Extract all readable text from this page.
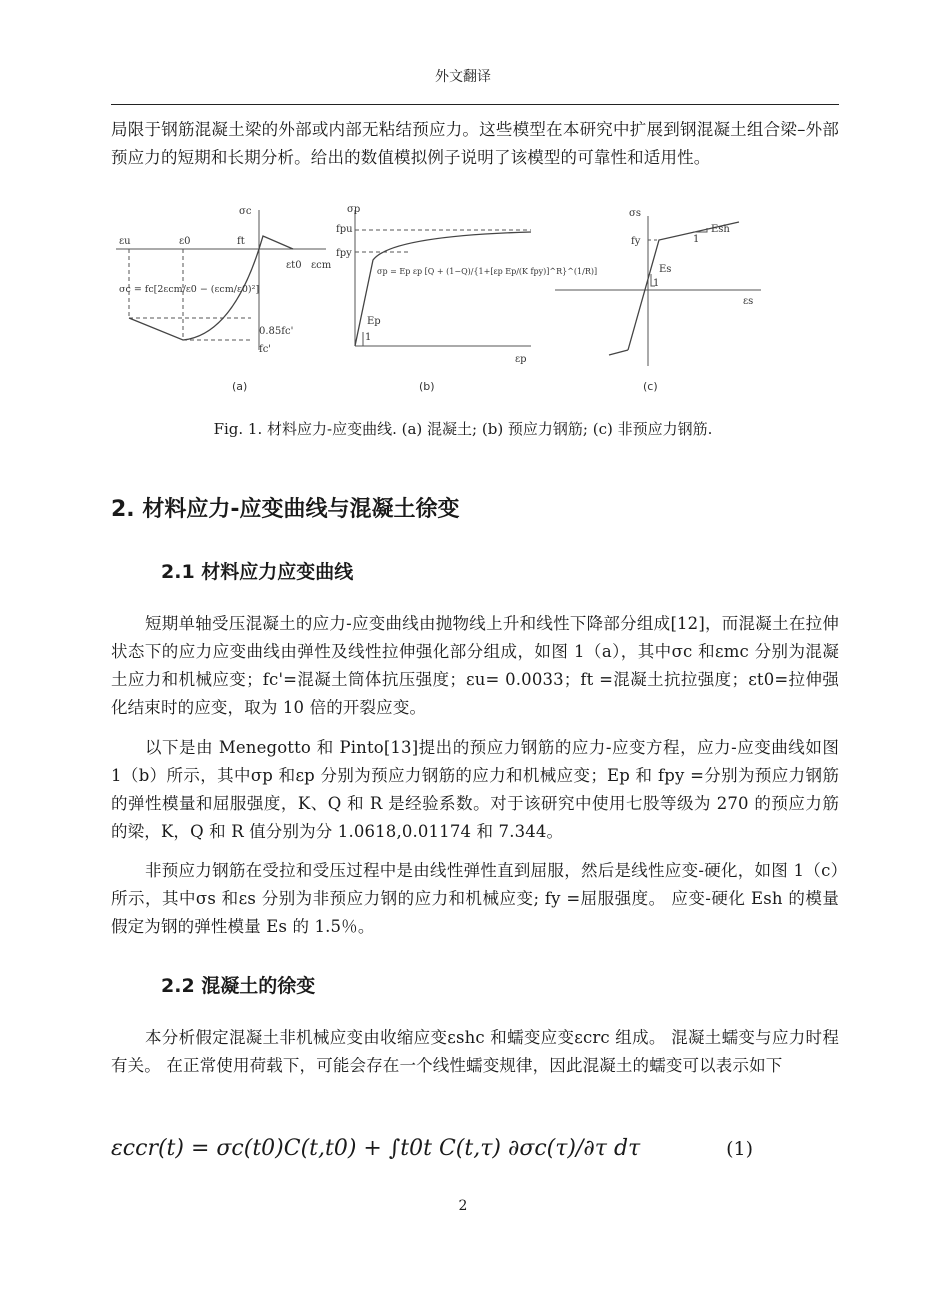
外文翻译

局限于钢筋混凝土梁的外部或内部无粘结预应力。这些模型在本研究中扩展到钢混凝土组合梁–外部预应力的短期和长期分析。给出的数值模拟例子说明了该模型的可靠性和适用性。

σc
εu	ε0	ft
εt0 εcm
σc = fc[2εcm/ε0 − (εcm/ε0)²]
0.85fc'
fc'
(a)
σp
fpu
fpy
σp = Ep εp [Q + (1−Q)/{1+[εp Ep/(K fpy)]^R}^(1/R)]
Ep
1
εp
(b)
σs
fy
Esh
1
Es
1
εs
(c)
Fig. 1. 材料应力-应变曲线. (a) 混凝土; (b) 预应力钢筋; (c) 非预应力钢筋.
2. 材料应力-应变曲线与混凝土徐变
2.1 材料应力应变曲线

短期单轴受压混凝土的应力-应变曲线由抛物线上升和线性下降部分组成[12]，而混凝土在拉伸状态下的应力应变曲线由弹性及线性拉伸强化部分组成，如图 1（a），其中σc 和εmc 分别为混凝土应力和机械应变；fc'=混凝土筒体抗压强度；εu= 0.0033；ft =混凝土抗拉强度；εt0=拉伸强化结束时的应变，取为 10 倍的开裂应变。

以下是由 Menegotto 和 Pinto[13]提出的预应力钢筋的应力-应变方程，应力-应变曲线如图 1（b）所示，其中σp 和εp 分别为预应力钢筋的应力和机械应变；Ep 和 fpy =分别为预应力钢筋的弹性模量和屈服强度，K、Q 和 R 是经验系数。对于该研究中使用七股等级为 270 的预应力筋的梁，K，Q 和 R 值分别为分 1.0618,0.01174 和 7.344。

非预应力钢筋在受拉和受压过程中是由线性弹性直到屈服，然后是线性应变-硬化，如图 1（c）所示，其中σs 和εs 分别为非预应力钢的应力和机械应变; fy =屈服强度。 应变-硬化 Esh 的模量假定为钢的弹性模量 Es 的 1.5％。

2.2 混凝土的徐变

本分析假定混凝土非机械应变由收缩应变εshc 和蠕变应变εcrc 组成。 混凝土蠕变与应力时程有关。 在正常使用荷载下，可能会存在一个线性蠕变规律，因此混凝土的蠕变可以表示如下

εccr(t) = σc(t0)C(t,t0) + ∫t0t C(t,τ) ∂σc(τ)/∂τ dτ	(1)
2
